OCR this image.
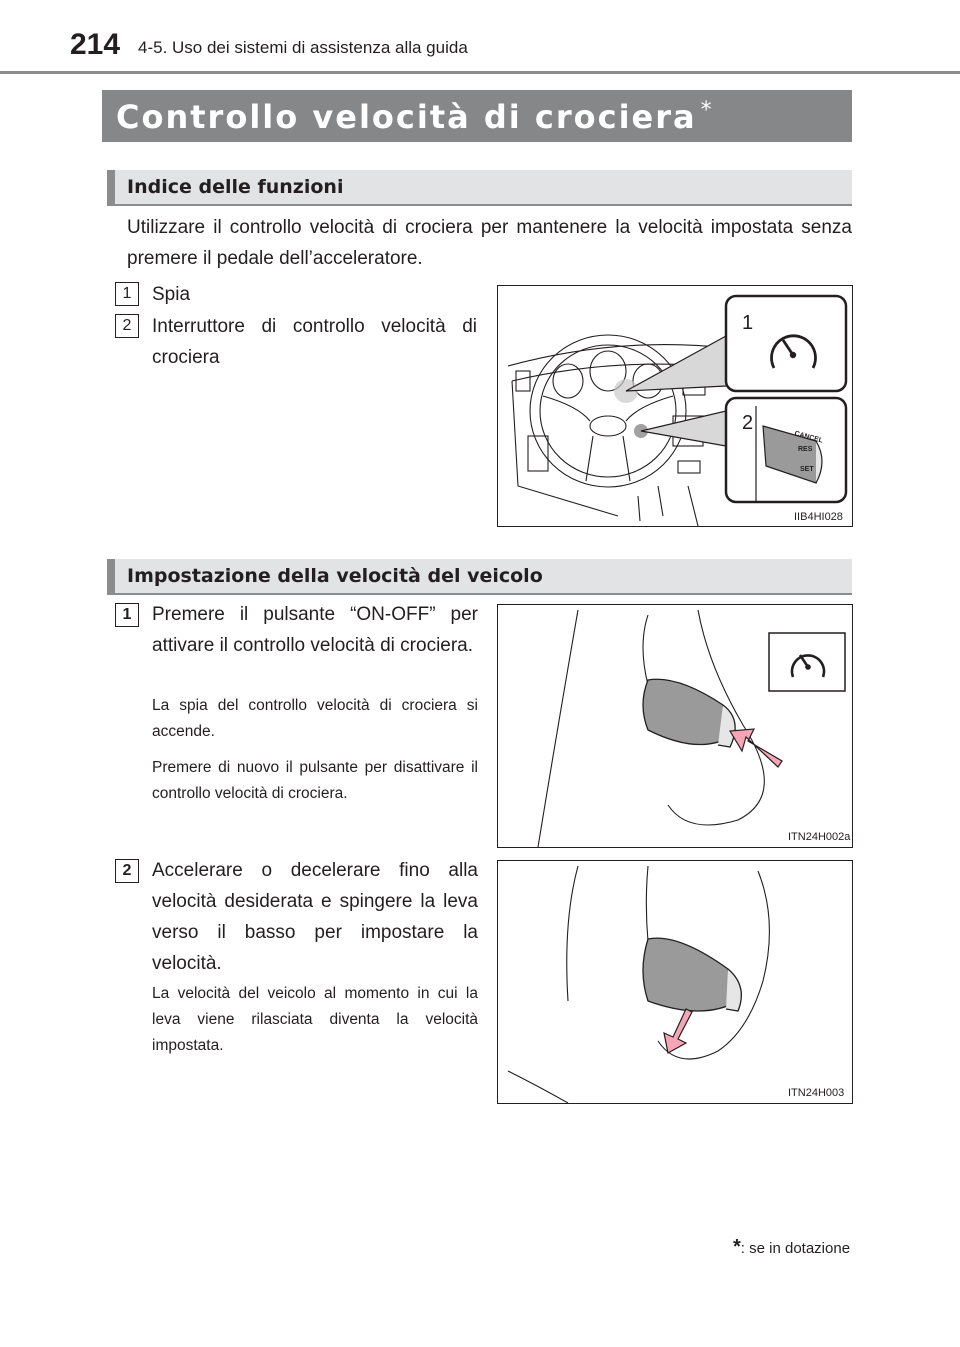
214 4-5. Uso dei sistemi di assistenza alla guida
Controllo velocità di crociera *
Indice delle funzioni
Utilizzare il controllo velocità di crociera per mantenere la velocità impostata senza premere il pedale dell’acceleratore.
1	Spia
2	Interruttore di controllo velocità di crociera
1
2
CANCEL
RES
SET
IIB4HI028
Impostazione della velocità del veicolo
1	Premere il pulsante “ON-OFF” per attivare il controllo velocità di crociera.
La spia del controllo velocità di crociera si accende.
Premere di nuovo il pulsante per disattivare il controllo velocità di crociera.
ITN24H002a
2	Accelerare o decelerare fino alla velocità desiderata e spingere la leva verso il basso per impostare la velocità.
La velocità del veicolo al momento in cui la leva viene rilasciata diventa la velocità impostata.
ITN24H003
*: se in dotazione
